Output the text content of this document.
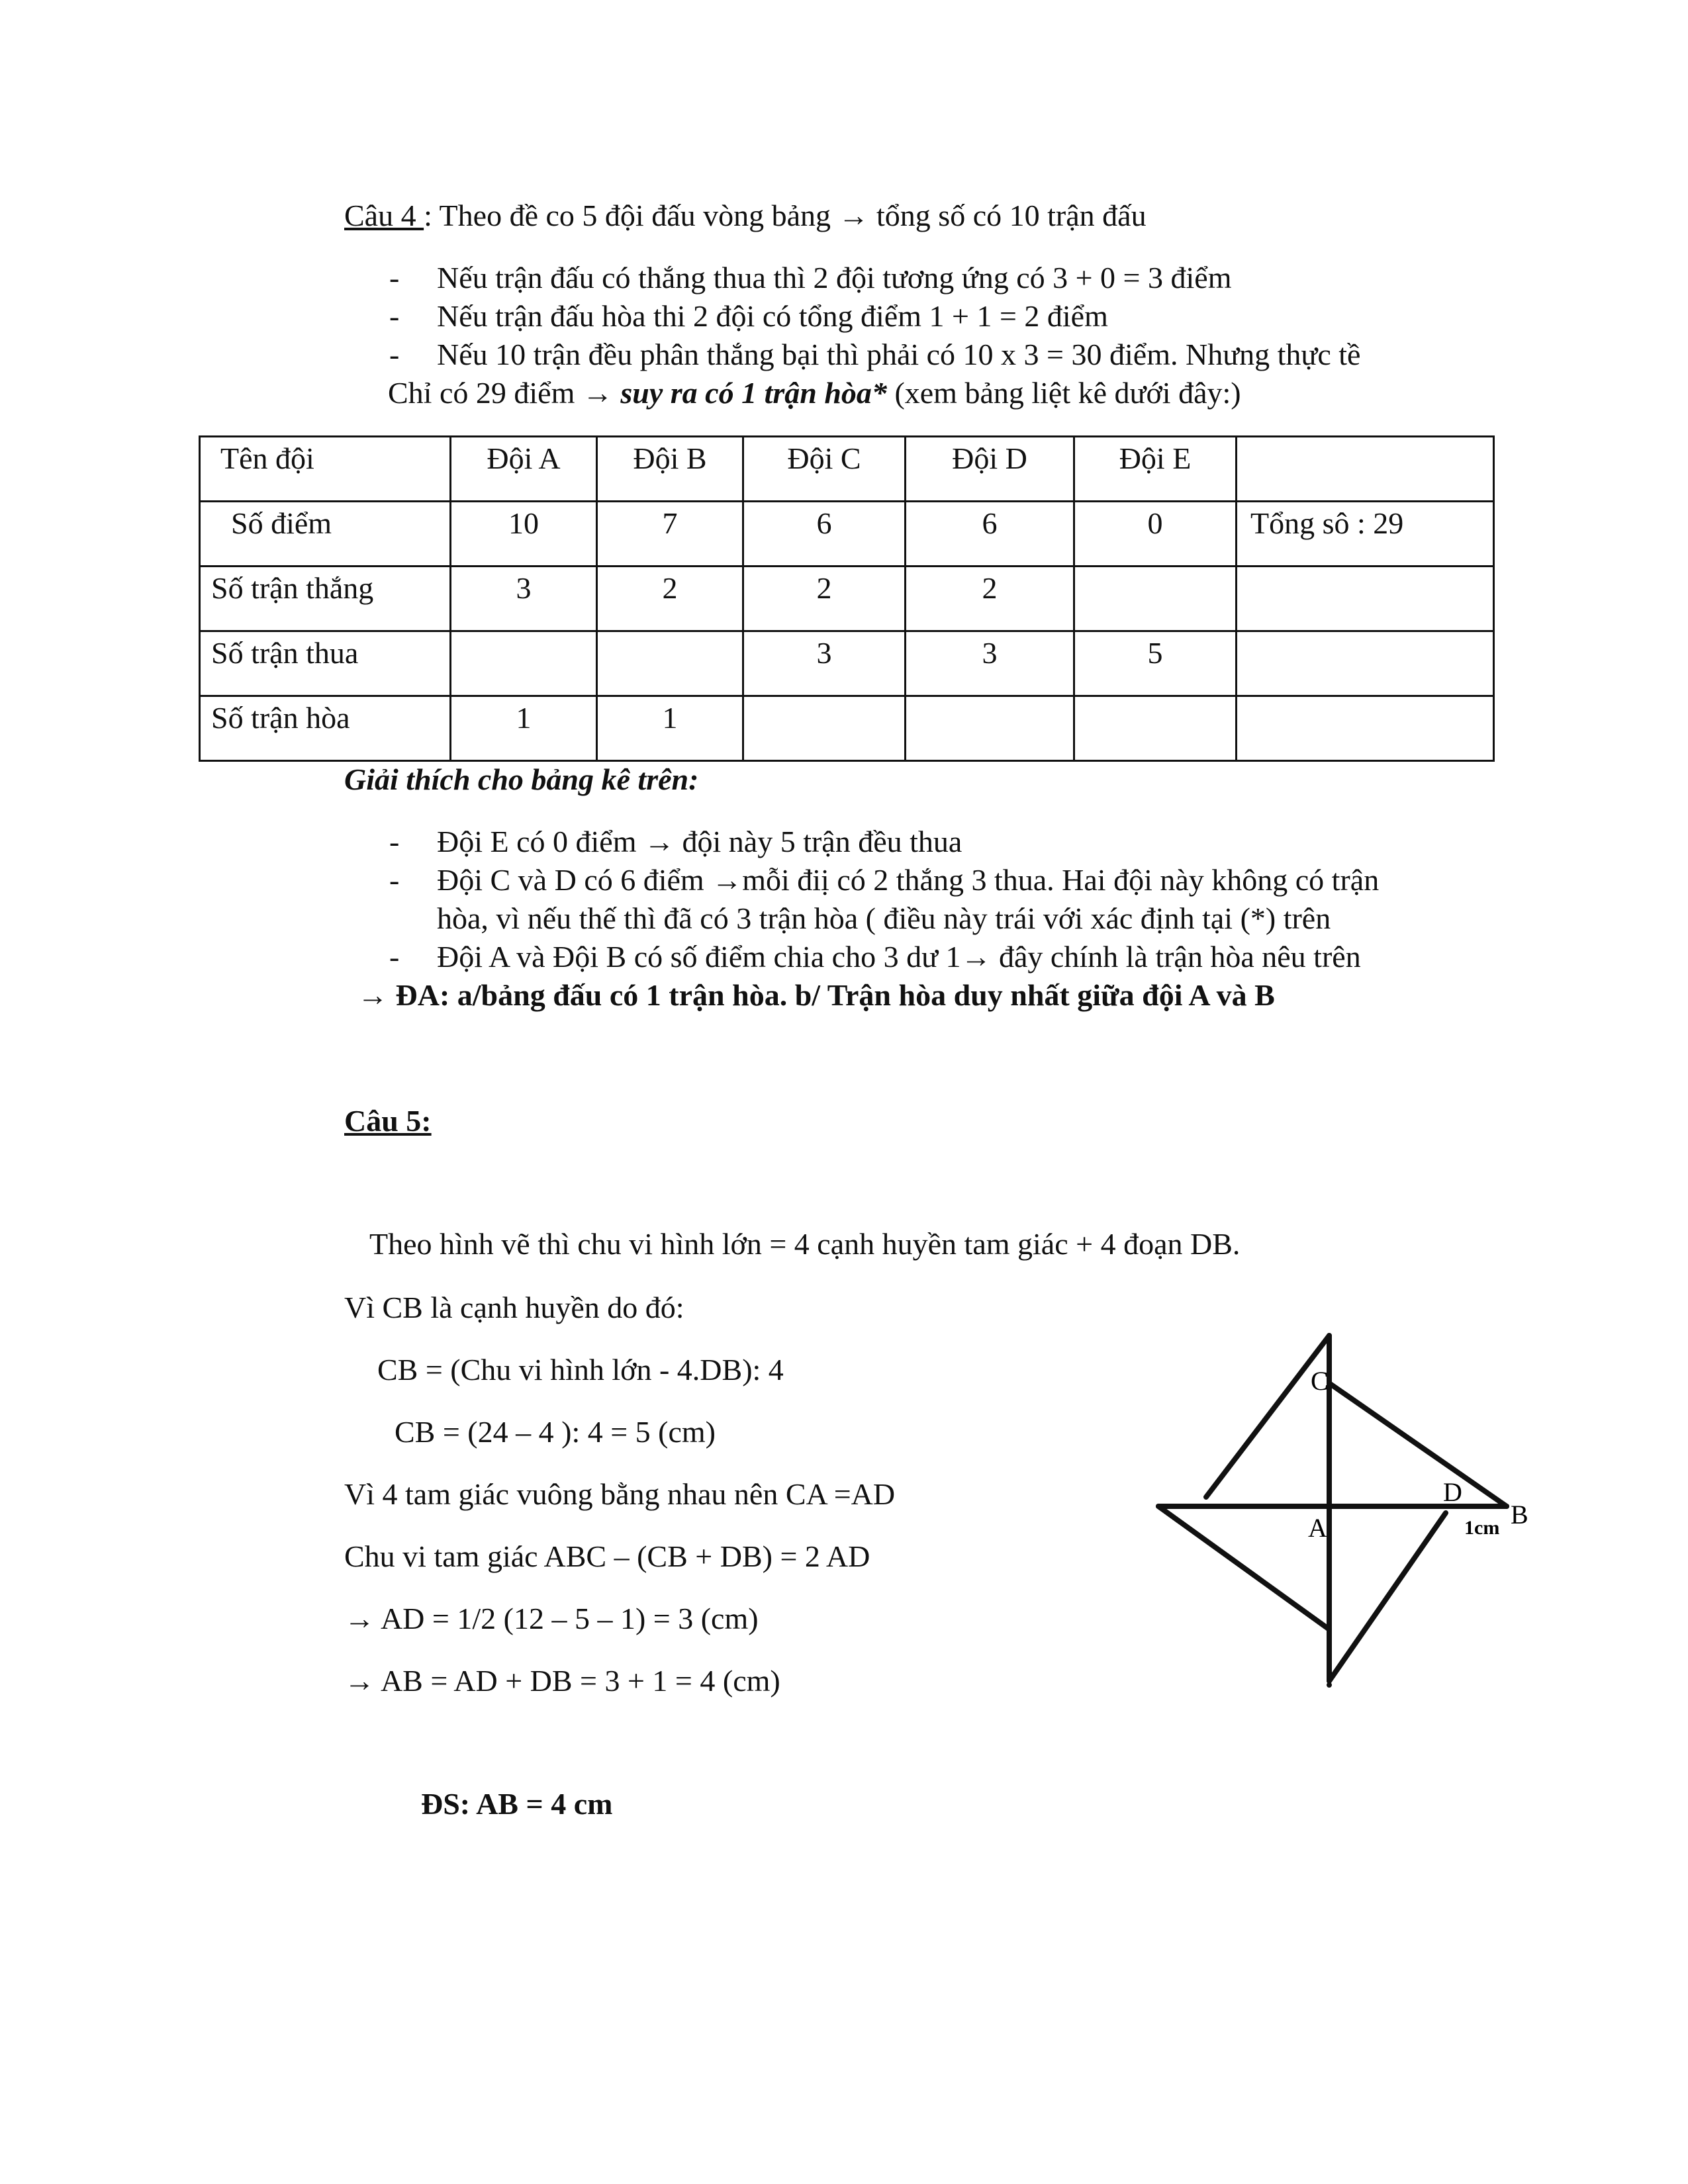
Câu 4 : Theo đề co 5 đội đấu vòng bảng → tổng số có 10 trận đấu
- Nếu trận đấu có thắng thua thì 2 đội tương ứng có 3 + 0 = 3 điểm
- Nếu trận đấu hòa thi 2 đội có tổng điểm 1 + 1 = 2 điểm
- Nếu 10 trận đều phân thắng bại thì phải có 10 x 3 = 30 điểm. Nhưng thực tề
Chỉ có 29 điểm → suy ra có 1 trận hòa* (xem bảng liệt kê dưới đây:)
Tên đội	Đội A	Đội B	Đội C	Đội D	Đội E	
Số điểm	10	7	6	6	0	Tổng sô : 29
Số trận thắng	3	2	2	2		
Số trận thua			3	3	5	
Số trận hòa	1	1				
Giải thích cho bảng kê trên:
- Đội E có 0 điểm → đội này 5 trận đều thua
- Đội C và D có 6 điểm →mỗi điị có 2 thắng 3 thua. Hai đội này không có trận
hòa, vì nếu thế thì đã có 3 trận hòa ( điều này trái với xác định tại (*) trên
- Đội A và Đội B có số điểm chia cho 3 dư 1→ đây chính là trận hòa nêu trên
→ ĐA: a/bảng đấu có 1 trận hòa. b/ Trận hòa duy nhất giữa đội A và B
Câu 5:
Theo hình vẽ thì chu vi hình lớn = 4 cạnh huyền tam giác + 4 đoạn DB.
Vì CB là cạnh huyền do đó:
CB = (Chu vi hình lớn - 4.DB): 4
CB = (24 – 4 ): 4 = 5 (cm)
Vì 4 tam giác vuông bằng nhau nên CA =AD
Chu vi tam giác ABC – (CB + DB) = 2 AD
→ AD = 1/2 (12 – 5 – 1) = 3 (cm)
→ AB = AD + DB = 3 + 1 = 4 (cm)
ĐS: AB = 4 cm
C
A
D
B
1cm
